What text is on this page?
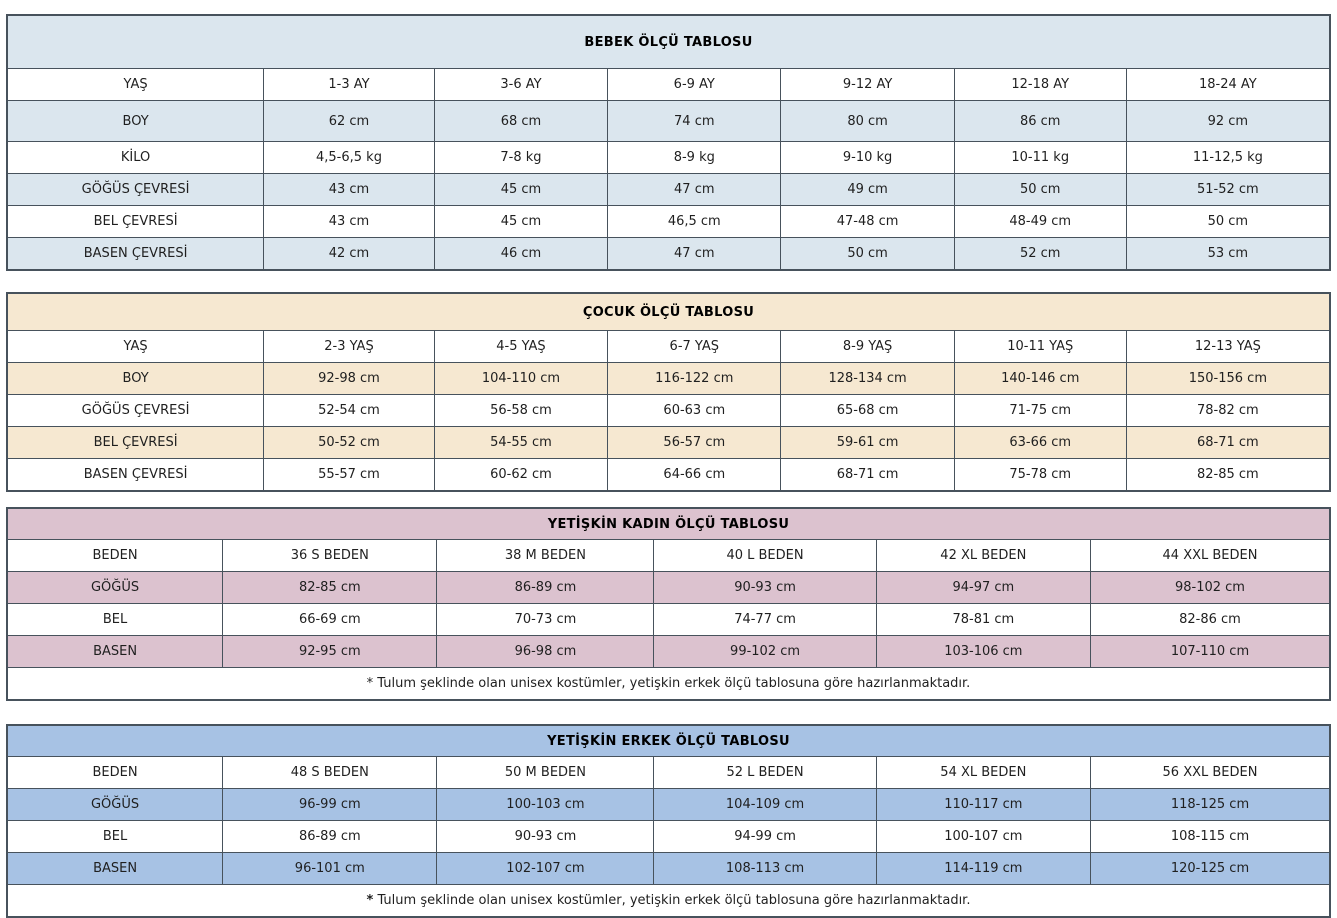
BEBEK ÖLÇÜ TABLOSU						
YAŞ	1-3 AY	3-6 AY	6-9 AY	9-12 AY	12-18 AY	18-24 AY
BOY	62 cm	68 cm	74 cm	80 cm	86 cm	92 cm
KİLO	4,5-6,5 kg	7-8 kg	8-9 kg	9-10 kg	10-11 kg	11-12,5 kg
GÖĞÜS ÇEVRESİ	43 cm	45 cm	47 cm	49 cm	50 cm	51-52 cm
BEL ÇEVRESİ	43 cm	45 cm	46,5 cm	47-48 cm	48-49 cm	50 cm
BASEN ÇEVRESİ	42 cm	46 cm	47 cm	50 cm	52 cm	53 cm
ÇOCUK ÖLÇÜ TABLOSU						
YAŞ	2-3 YAŞ	4-5 YAŞ	6-7 YAŞ	8-9 YAŞ	10-11 YAŞ	12-13 YAŞ
BOY	92-98 cm	104-110 cm	116-122 cm	128-134 cm	140-146 cm	150-156 cm
GÖĞÜS ÇEVRESİ	52-54 cm	56-58 cm	60-63 cm	65-68 cm	71-75 cm	78-82 cm
BEL ÇEVRESİ	50-52 cm	54-55 cm	56-57 cm	59-61 cm	63-66 cm	68-71 cm
BASEN ÇEVRESİ	55-57 cm	60-62 cm	64-66 cm	68-71 cm	75-78 cm	82-85 cm
YETİŞKİN KADIN ÖLÇÜ TABLOSU					
BEDEN	36 S BEDEN	38 M BEDEN	40 L BEDEN	42 XL BEDEN	44 XXL BEDEN
GÖĞÜS	82-85 cm	86-89 cm	90-93 cm	94-97 cm	98-102 cm
BEL	66-69 cm	70-73 cm	74-77 cm	78-81 cm	82-86 cm
BASEN	92-95 cm	96-98 cm	99-102 cm	103-106 cm	107-110 cm
* Tulum şeklinde olan unisex kostümler, yetişkin erkek ölçü tablosuna göre hazırlanmaktadır.					
YETİŞKİN ERKEK ÖLÇÜ TABLOSU					
BEDEN	48 S BEDEN	50 M BEDEN	52 L BEDEN	54 XL BEDEN	56 XXL BEDEN
GÖĞÜS	96-99 cm	100-103 cm	104-109 cm	110-117 cm	118-125 cm
BEL	86-89 cm	90-93 cm	94-99 cm	100-107 cm	108-115 cm
BASEN	96-101 cm	102-107 cm	108-113 cm	114-119 cm	120-125 cm
* Tulum şeklinde olan unisex kostümler, yetişkin erkek ölçü tablosuna göre hazırlanmaktadır.					
